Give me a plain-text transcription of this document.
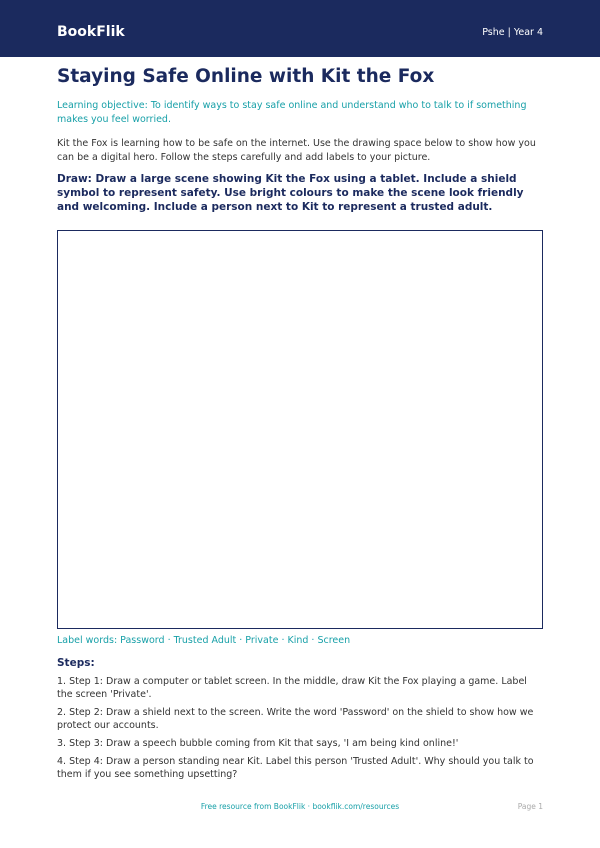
BookFlik	Pshe | Year 4
Staying Safe Online with Kit the Fox

Learning objective: To identify ways to stay safe online and understand who to talk to if something makes you feel worried.

Kit the Fox is learning how to be safe on the internet. Use the drawing space below to show how you can be a digital hero. Follow the steps carefully and add labels to your picture.

Draw: Draw a large scene showing Kit the Fox using a tablet. Include a shield symbol to represent safety. Use bright colours to make the scene look friendly and welcoming. Include a person next to Kit to represent a trusted adult.

Label words: Password · Trusted Adult · Private · Kind · Screen
Steps:
1. Step 1: Draw a computer or tablet screen. In the middle, draw Kit the Fox playing a game. Label the screen 'Private'.
2. Step 2: Draw a shield next to the screen. Write the word 'Password' on the shield to show how we protect our accounts.
3. Step 3: Draw a speech bubble coming from Kit that says, 'I am being kind online!'
4. Step 4: Draw a person standing near Kit. Label this person 'Trusted Adult'. Why should you talk to them if you see something upsetting?
Free resource from BookFlik · bookflik.com/resources	Page 1
